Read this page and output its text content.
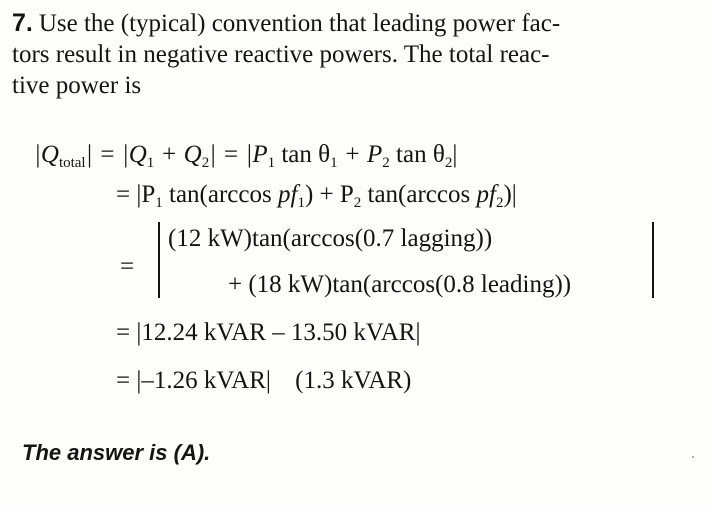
7. Use the (typical) convention that leading power fac-
tors result in negative reactive powers. The total reac-
tive power is
$|Q_{total}| = |Q_1 + Q_2| = |P_1$ $\tan \theta_1 + P_2$ $\tan \theta_2|$
= $|P_1$ tan(arccos $pf_1) + P_2$ tan(arccos $pf_2)|$
=
(12 kW)tan(arccos(0.7 lagging))
+ (18 kW)tan(arccos(0.8 leading))
= |12.24 kVAR – 13.50 kVAR|
= |–1.26 kVAR| (1.3 kVAR)
The answer is (A).
